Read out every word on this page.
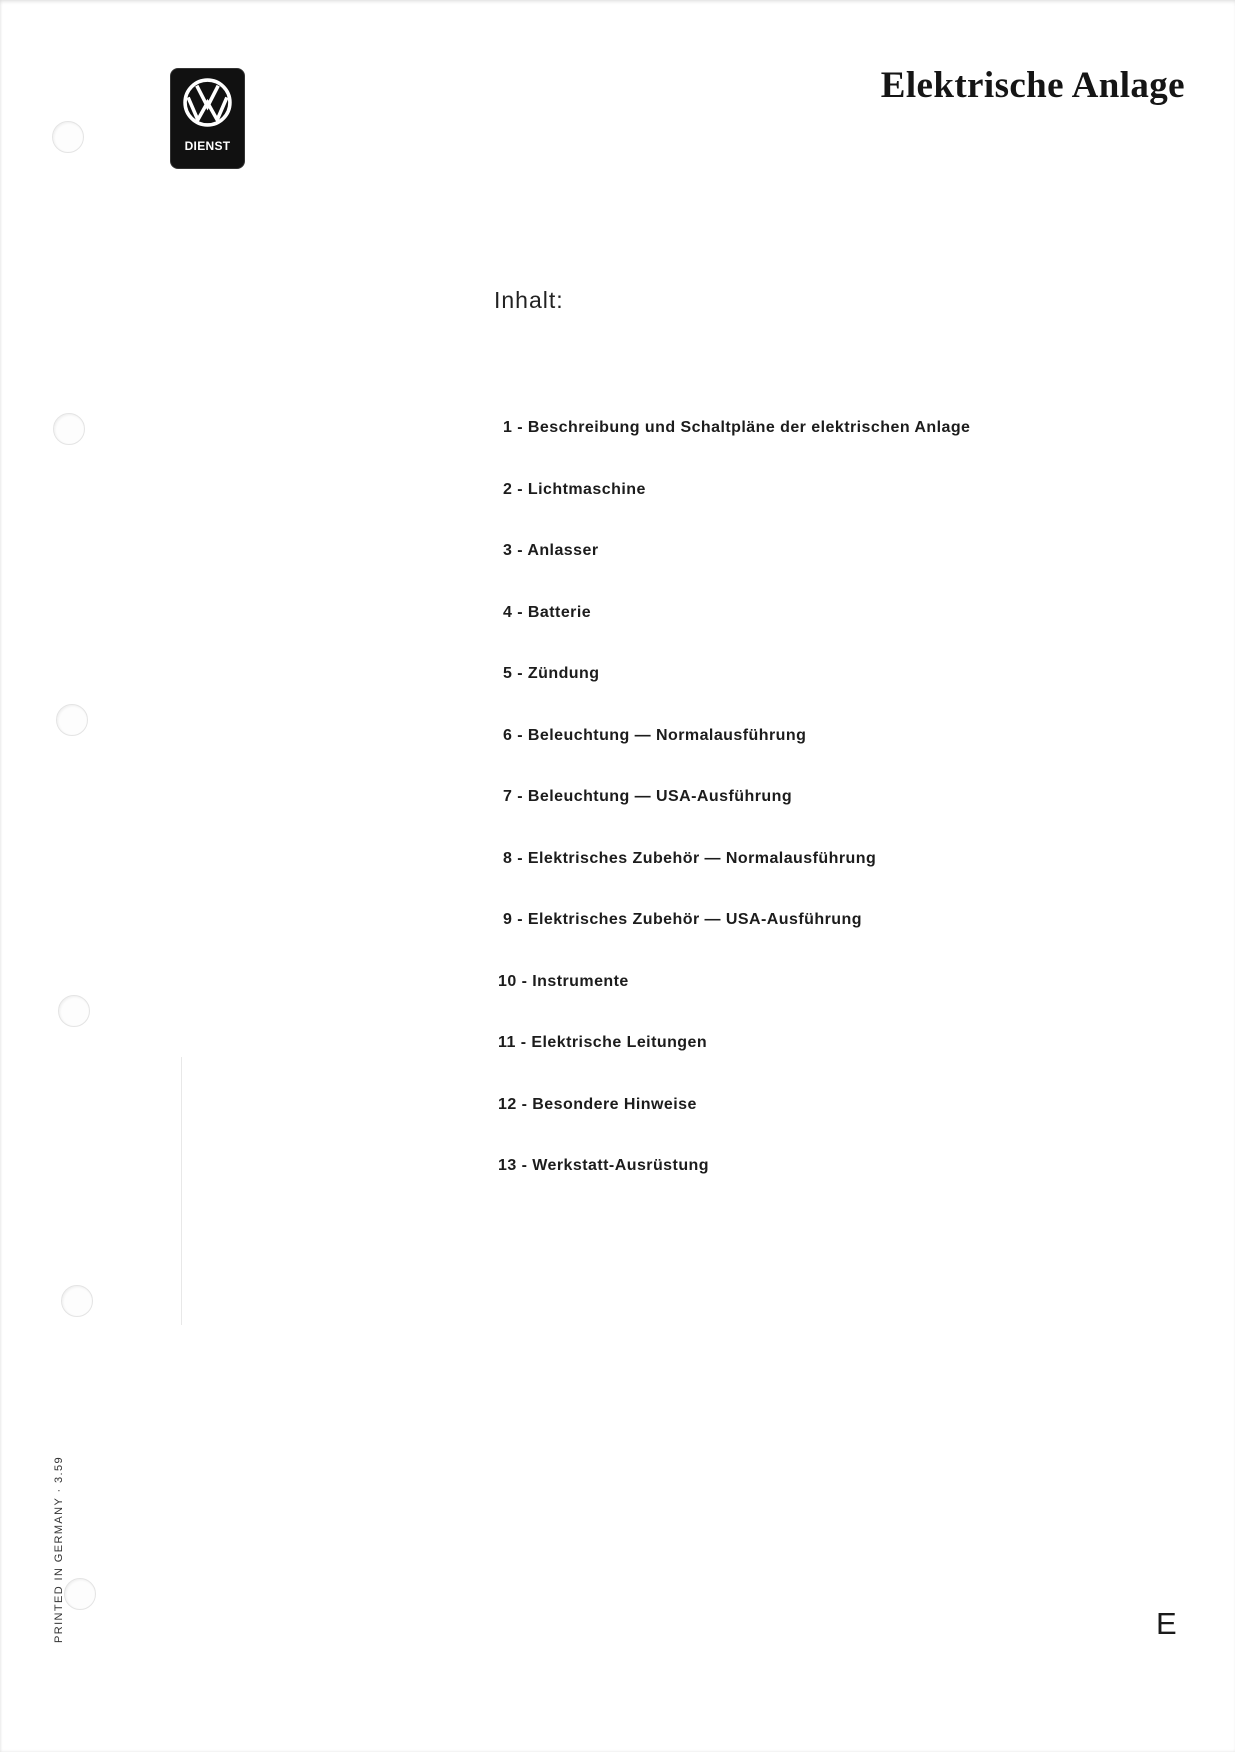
DIENST
Elektrische Anlage
Inhalt:
1 - Beschreibung und Schaltpläne der elektrischen Anlage
2 - Lichtmaschine
3 - Anlasser
4 - Batterie
5 - Zündung
6 - Beleuchtung — Normalausführung
7 - Beleuchtung — USA-Ausführung
8 - Elektrisches Zubehör — Normalausführung
9 - Elektrisches Zubehör — USA-Ausführung
10 - Instrumente
11 - Elektrische Leitungen
12 - Besondere Hinweise
13 - Werkstatt-Ausrüstung
PRINTED IN GERMANY · 3.59	E
